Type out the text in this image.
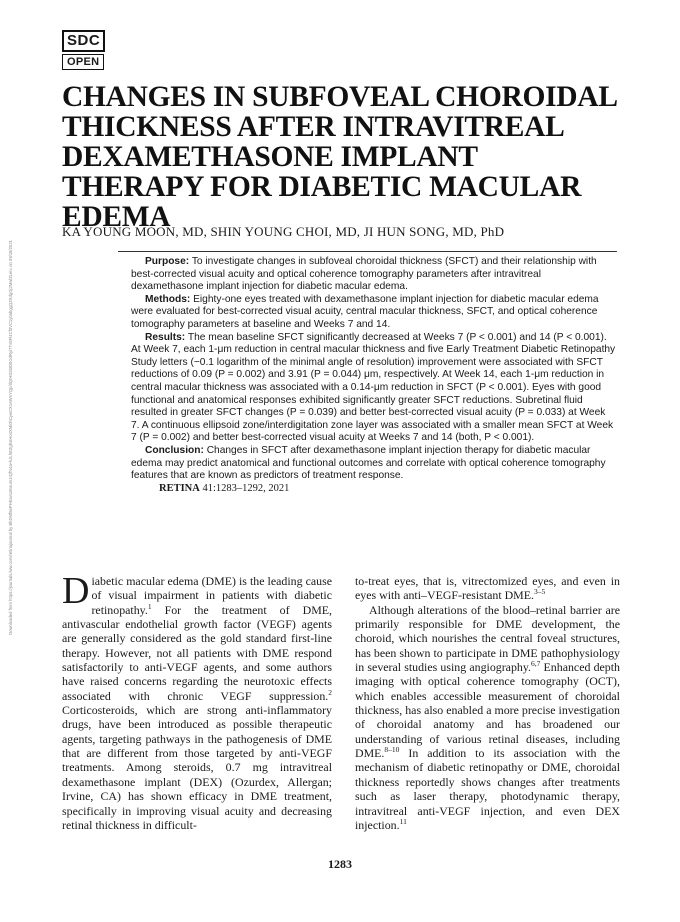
SDC
OPEN
CHANGES IN SUBFOVEAL CHOROIDAL THICKNESS AFTER INTRAVITREAL DEXAMETHASONE IMPLANT THERAPY FOR DIABETIC MACULAR EDEMA
KA YOUNG MOON, MD, SHIN YOUNG CHOI, MD, JI HUN SONG, MD, PhD
Downloaded from https://journals.lww.com/retinajournal by BhDMf5ePHKav1zEoum1tQfN4a+kJLhEZgbsIHo4XMi0hCywCX1AWnYQp/IlQrHD3i3D0OdRyi7TvSFl4Cf3VC1y0abggQZXdgGj2MwlZLeI= on 09/18/2021	Purpose: To investigate changes in subfoveal choroidal thickness (SFCT) and their relationship with best-corrected visual acuity and optical coherence tomography parameters after intravitreal dexamethasone implant injection for diabetic macular edema.

Methods: Eighty-one eyes treated with dexamethasone implant injection for diabetic macular edema were evaluated for best-corrected visual acuity, central macular thickness, SFCT, and optical coherence tomography parameters at baseline and Weeks 7 and 14.

Results: The mean baseline SFCT significantly decreased at Weeks 7 (P < 0.001) and 14 (P < 0.001). At Week 7, each 1-μm reduction in central macular thickness and five Early Treatment Diabetic Retinopathy Study letters (−0.1 logarithm of the minimal angle of resolution) improvement were associated with SFCT reductions of 0.09 (P = 0.002) and 3.91 (P = 0.044) μm, respectively. At Week 14, each 1-μm reduction in central macular thickness was associated with a 0.14-μm reduction in SFCT (P < 0.001). Eyes with good functional and anatomical responses exhibited significantly greater SFCT reductions. Subretinal fluid resulted in greater SFCT changes (P = 0.039) and better best-corrected visual acuity (P = 0.033) at Week 7. A continuous ellipsoid zone/interdigitation zone layer was associated with a smaller mean SFCT at Week 7 (P = 0.002) and better best-corrected visual acuity at Weeks 7 and 14 (both, P < 0.001).

Conclusion: Changes in SFCT after dexamethasone implant injection therapy for diabetic macular edema may predict anatomical and functional outcomes and correlate with optical coherence tomography features that are known as predictors of treatment response.

RETINA 41:1283–1292, 2021

Diabetic macular edema (DME) is the leading cause of visual impairment in patients with diabetic retinopathy.$^1$ For the treatment of DME, antivascular endothelial growth factor (VEGF) agents are generally considered as the gold standard first-line therapy. However, not all patients with DME respond satisfactorily to anti-VEGF agents, and some authors have raised concerns regarding the neurotoxic effects associated with chronic VEGF suppression.$^2$ Corticosteroids, which are strong anti-inflammatory drugs, have been introduced as possible therapeutic agents, targeting pathways in the pathogenesis of DME that are different from those targeted by anti-VEGF treatments. Among steroids, 0.7 mg intravitreal dexamethasone implant (DEX) (Ozurdex, Allergan; Irvine, CA) has shown efficacy in DME treatment, specifically in improving visual acuity and decreasing retinal thickness in difficult-

to-treat eyes, that is, vitrectomized eyes, and even in eyes with anti–VEGF-resistant DME.$^{3-5}$

Although alterations of the blood–retinal barrier are primarily responsible for DME development, the choroid, which nourishes the central foveal structures, has been shown to participate in DME pathophysiology in several studies using angiography.$^{6,7}$ Enhanced depth imaging with optical coherence tomography (OCT), which enables accessible measurement of choroidal thickness, has also enabled a more precise investigation of choroidal anatomy and has broadened our understanding of various retinal diseases, including DME.$^{8-10}$ In addition to its association with the mechanism of diabetic retinopathy or DME, choroidal thickness reportedly shows changes after treatments such as laser therapy, photodynamic therapy, intravitreal anti-VEGF injection, and even DEX injection.$^{11}$

1283
